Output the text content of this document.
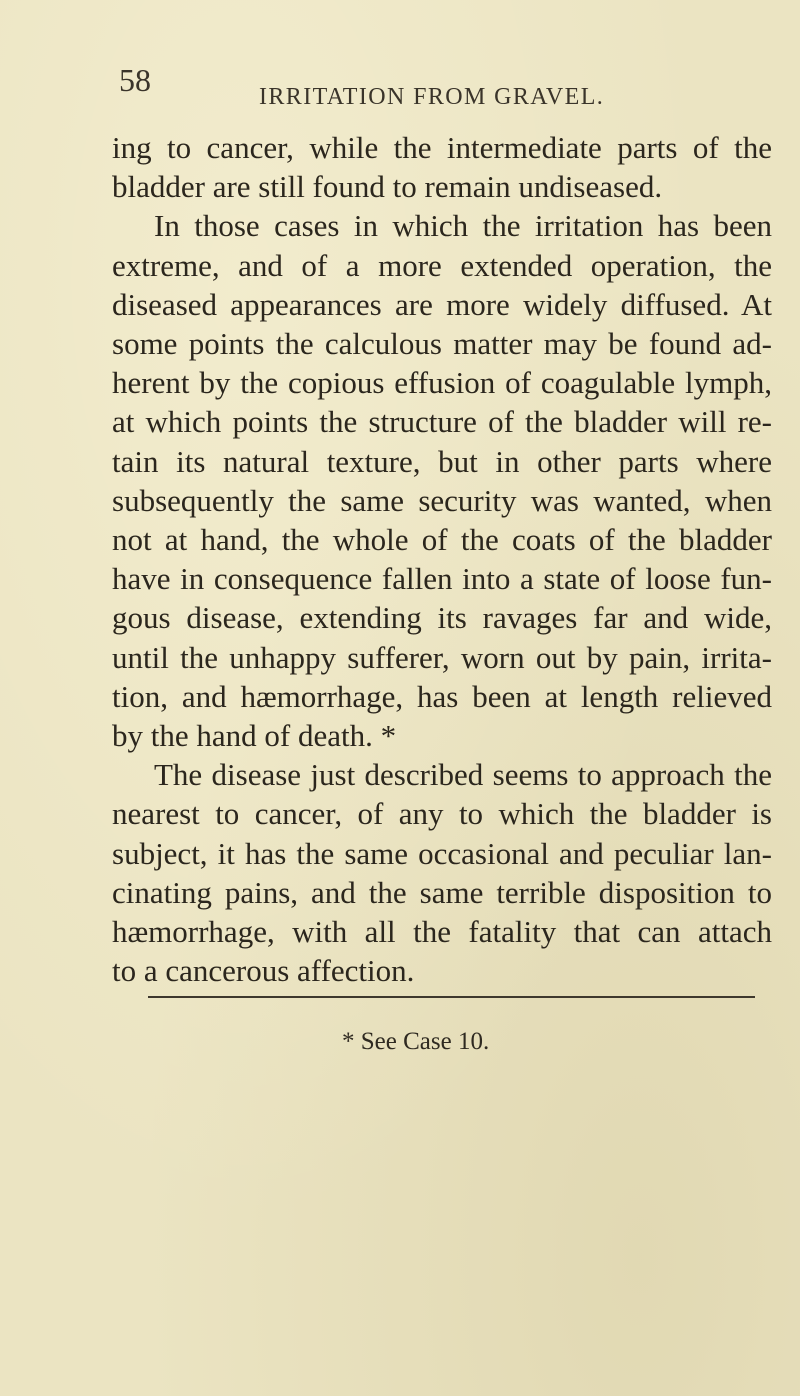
58	IRRITATION FROM GRAVEL.
ing to cancer, while the intermediate parts of the
bladder are still found to remain undiseased.
In those cases in which the irritation has been
extreme, and of a more extended operation, the
diseased appearances are more widely diffused. At
some points the calculous matter may be found ad-
herent by the copious effusion of coagulable lymph,
at which points the structure of the bladder will re-
tain its natural texture, but in other parts where
subsequently the same security was wanted, when
not at hand, the whole of the coats of the bladder
have in consequence fallen into a state of loose fun-
gous disease, extending its ravages far and wide,
until the unhappy sufferer, worn out by pain, irrita-
tion, and hæmorrhage, has been at length relieved
by the hand of death. *
The disease just described seems to approach the
nearest to cancer, of any to which the bladder is
subject, it has the same occasional and peculiar lan-
cinating pains, and the same terrible disposition to
hæmorrhage, with all the fatality that can attach
to a cancerous affection.
* See Case 10.
